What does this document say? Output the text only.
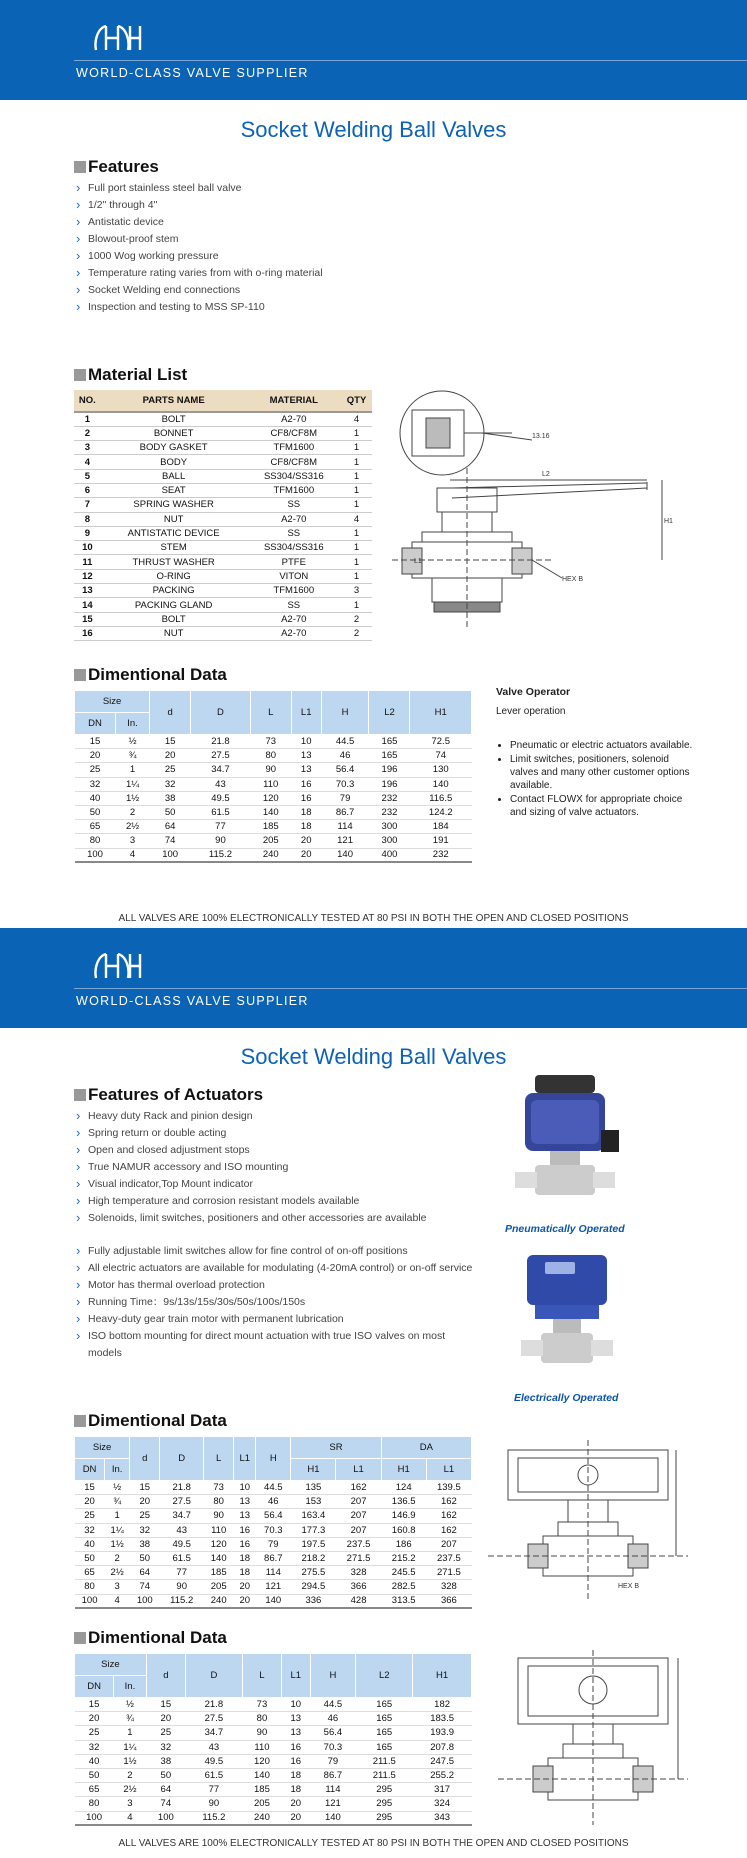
WORLD-CLASS VALVE SUPPLIER
Socket Welding Ball Valves
Features
› Full port stainless steel ball valve
› 1/2" through 4"
› Antistatic device
› Blowout-proof stem
› 1000 Wog working pressure
› Temperature rating varies from with o-ring material
› Socket Welding end connections
› Inspection and testing to MSS SP-110
Material List
NO.	PARTS NAME	MATERIAL	QTY
1	BOLT	A2-70	4
2	BONNET	CF8/CF8M	1
3	BODY GASKET	TFM1600	1
4	BODY	CF8/CF8M	1
5	BALL	SS304/SS316	1
6	SEAT	TFM1600	1
7	SPRING WASHER	SS	1
8	NUT	A2-70	4
9	ANTISTATIC DEVICE	SS	1
10	STEM	SS304/SS316	1
11	THRUST WASHER	PTFE	1
12	O-RING	VITON	1
13	PACKING	TFM1600	3
14	PACKING GLAND	SS	1
15	BOLT	A2-70	2
16	NUT	A2-70	2
13.16
L2
H1
L1
HEX B
Dimentional Data
Size		d	D	L	L1	H	L2	H1
DN	In.							
15	½	15	21.8	73	10	44.5	165	72.5
20	¾	20	27.5	80	13	46	165	74
25	1	25	34.7	90	13	56.4	196	130
32	1¼	32	43	110	16	70.3	196	140
40	1½	38	49.5	120	16	79	232	116.5
50	2	50	61.5	140	18	86.7	232	124.2
65	2½	64	77	185	18	114	300	184
80	3	74	90	205	20	121	300	191
100	4	100	115.2	240	20	140	400	232
Valve Operator
Lever operation
• Pneumatic or electric actuators available.
• Limit switches, positioners, solenoid valves and many other customer options available.
• Contact FLOWX for appropriate choice and sizing of valve actuators.
ALL VALVES ARE 100% ELECTRONICALLY TESTED AT 80 PSI IN BOTH THE OPEN AND CLOSED POSITIONS
WORLD-CLASS VALVE SUPPLIER
Socket Welding Ball Valves
Features of Actuators
› Heavy duty Rack and pinion design
› Spring return or double acting
› Open and closed adjustment stops
› True NAMUR accessory and ISO mounting
› Visual indicator,Top Mount indicator
› High temperature and corrosion resistant models available
› Solenoids, limit switches, positioners and other accessories are available
› Fully adjustable limit switches allow for fine control of on-off positions
› All electric actuators are available for modulating (4-20mA control) or on-off service
› Motor has thermal overload protection
› Running Time：9s/13s/15s/30s/50s/100s/150s
› Heavy-duty gear train motor with permanent lubrication
› ISO bottom mounting for direct mount actuation with true ISO valves on most models
Pneumatically Operated
Electrically Operated
Dimentional Data
Size		d	D	L	L1	H	SR		DA	
DN	In.						H1	L1	H1	L1
15	½	15	21.8	73	10	44.5	135	162	124	139.5
20	¾	20	27.5	80	13	46	153	207	136.5	162
25	1	25	34.7	90	13	56.4	163.4	207	146.9	162
32	1¼	32	43	110	16	70.3	177.3	207	160.8	162
40	1½	38	49.5	120	16	79	197.5	237.5	186	207
50	2	50	61.5	140	18	86.7	218.2	271.5	215.2	237.5
65	2½	64	77	185	18	114	275.5	328	245.5	271.5
80	3	74	90	205	20	121	294.5	366	282.5	328
100	4	100	115.2	240	20	140	336	428	313.5	366
HEX B
Dimentional Data
Size		d	D	L	L1	H	L2	H1
DN	In.							
15	½	15	21.8	73	10	44.5	165	182
20	¾	20	27.5	80	13	46	165	183.5
25	1	25	34.7	90	13	56.4	165	193.9
32	1¼	32	43	110	16	70.3	165	207.8
40	1½	38	49.5	120	16	79	211.5	247.5
50	2	50	61.5	140	18	86.7	211.5	255.2
65	2½	64	77	185	18	114	295	317
80	3	74	90	205	20	121	295	324
100	4	100	115.2	240	20	140	295	343
ALL VALVES ARE 100% ELECTRONICALLY TESTED AT 80 PSI IN BOTH THE OPEN AND CLOSED POSITIONS
